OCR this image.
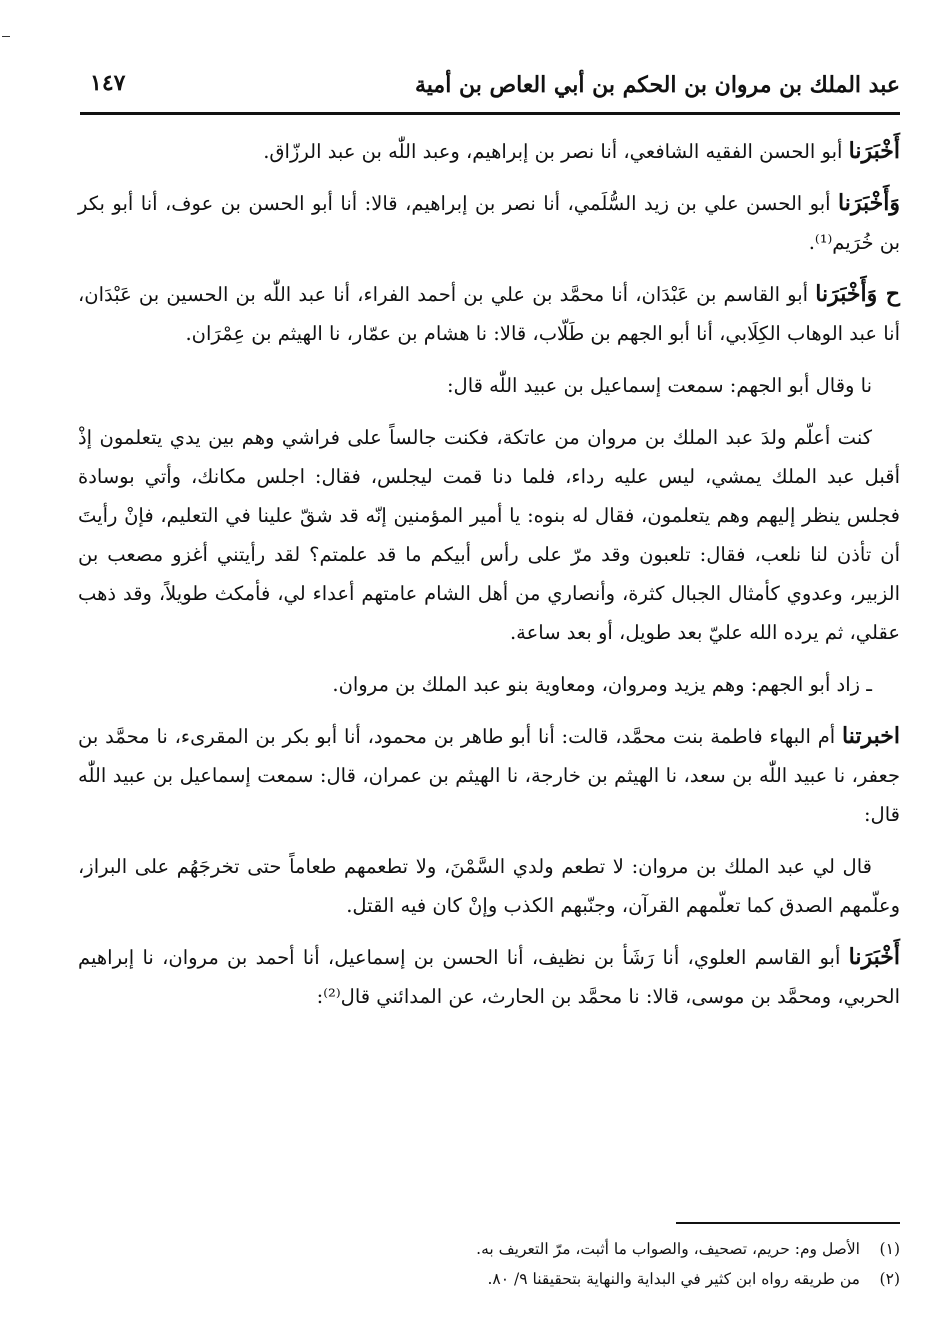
عبد الملك بن مروان بن الحكم بن أبي العاص بن أمية
١٤٧

أَخْبَرَنا أبو الحسن الفقيه الشافعي، أنا نصر بن إبراهيم، وعبد اللّٰه بن عبد الرزّاق.

وَأَخْبَرَنا أبو الحسن علي بن زيد السُّلَمي، أنا نصر بن إبراهيم، قالا: أنا أبو الحسن بن عوف، أنا أبو بكر بن خُرَيم⁽¹⁾.

ح وَأَخْبَرَنا أبو القاسم بن عَبْدَان، أنا محمَّد بن علي بن أحمد الفراء، أنا عبد اللّٰه بن الحسين بن عَبْدَان، أنا عبد الوهاب الكِلَابي، أنا أبو الجهم بن طَلّاب، قالا: نا هشام بن عمّار، نا الهيثم بن عِمْرَان.

نا وقال أبو الجهم: سمعت إسماعيل بن عبيد اللّٰه قال:

كنت أعلّم ولدَ عبد الملك بن مروان من عاتكة، فكنت جالساً على فراشي وهم بين يدي يتعلمون إذْ أقبل عبد الملك يمشي، ليس عليه رداء، فلما دنا قمت ليجلس، فقال: اجلس مكانك، وأتي بوسادة فجلس ينظر إليهم وهم يتعلمون، فقال له بنوه: يا أمير المؤمنين إنّه قد شقّ علينا في التعليم، فإنْ رأيتَ أن تأذن لنا نلعب، فقال: تلعبون وقد مرّ على رأس أبيكم ما قد علمتم؟ لقد رأيتني أغزو مصعب بن الزبير، وعدوي كأمثال الجبال كثرة، وأنصاري من أهل الشام عامتهم أعداء لي، فأمكث طويلاً، وقد ذهب عقلي، ثم يرده الله عليّ بعد طويل، أو بعد ساعة.

ـ زاد أبو الجهم: وهم يزيد ومروان، ومعاوية بنو عبد الملك بن مروان.

اخبرتنا أم البهاء فاطمة بنت محمَّد، قالت: أنا أبو طاهر بن محمود، أنا أبو بكر بن المقرىء، نا محمَّد بن جعفر، نا عبيد اللّٰه بن سعد، نا الهيثم بن خارجة، نا الهيثم بن عمران، قال: سمعت إسماعيل بن عبيد اللّٰه قال:

قال لي عبد الملك بن مروان: لا تطعم ولدي السَّمْنَ، ولا تطعمهم طعاماً حتى تخرجَهُم على البراز، وعلّمهم الصدق كما تعلّمهم القرآن، وجنّبهم الكذب وإنْ كان فيه القتل.

أَخْبَرَنا أبو القاسم العلوي، أنا رَشَأ بن نظيف، أنا الحسن بن إسماعيل، أنا أحمد بن مروان، نا إبراهيم الحربي، ومحمَّد بن موسى، قالا: نا محمَّد بن الحارث، عن المدائني قال⁽²⁾:

(١)الأصل وم: حريم، تصحيف، والصواب ما أثبت، مرّ التعريف به.
(٢)من طريقه رواه ابن كثير في البداية والنهاية بتحقيقنا ٩/ ٨٠.
